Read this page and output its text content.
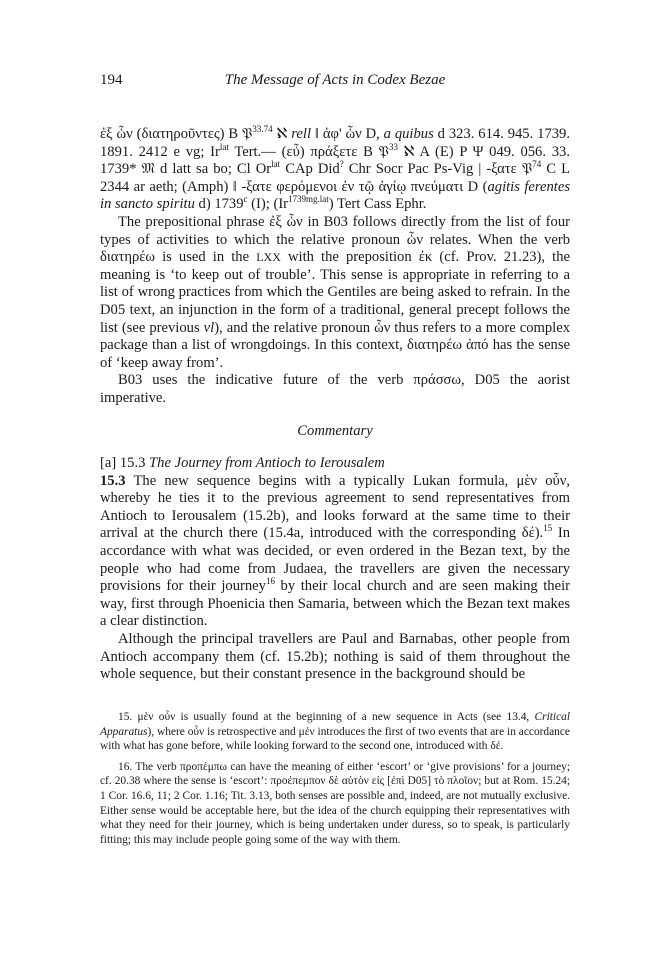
194	The Message of Acts in Codex Bezae

ἐξ ὧν (διατηροῦντες) B 𝔓$^{33.74}$ ℵ rell ‖ ἀφ' ὧν D, a quibus d 323. 614. 945. 1739. 1891. 2412 e vg; $Ir^{lat}$ Tert.— (εὖ) πράξετε B 𝔓$^{33}$ ℵ A (E) P Ψ 049. 056. 33. 1739* 𝔐 d latt sa bo; Cl $Or^{lat}$ CAp Did? Chr Socr Pac Ps-Vig | -ξατε 𝔓$^{74}$ C L 2344 ar aeth; (Amph) ‖ -ξατε φερόμενοι ἐν τῷ ἁγίῳ πνεύματι D (agitis ferentes in sancto spiritu d) 1739$^c$ (I); $(Ir^{1739mg.lat})$ Tert Cass Ephr.

The prepositional phrase ἐξ ὧν in B03 follows directly from the list of four types of activities to which the relative pronoun ὧν relates. When the verb διατηρέω is used in the LXX with the preposition ἐκ (cf. Prov. 21.23), the meaning is ‘to keep out of trouble’. This sense is appropriate in referring to a list of wrong practices from which the Gentiles are being asked to refrain. In the D05 text, an injunction in the form of a traditional, general precept follows the list (see previous vl), and the relative pronoun ὧν thus refers to a more complex package than a list of wrongdoings. In this context, διατηρέω ἀπό has the sense of ‘keep away from’.

B03 uses the indicative future of the verb πράσσω, D05 the aorist imperative.

Commentary

[a] 15.3 The Journey from Antioch to Ierousalem

15.3 The new sequence begins with a typically Lukan formula, μὲν οὖν, whereby he ties it to the previous agreement to send representatives from Antioch to Ierousalem (15.2b), and looks forward at the same time to their arrival at the church there (15.4a, introduced with the corresponding δέ).$^{15}$ In accordance with what was decided, or even ordered in the Bezan text, by the people who had come from Judaea, the travellers are given the necessary provisions for their journey$^{16}$ by their local church and are seen making their way, first through Phoenicia then Samaria, between which the Bezan text makes a clear distinction.

Although the principal travellers are Paul and Barnabas, other people from Antioch accompany them (cf. 15.2b); nothing is said of them throughout the whole sequence, but their constant presence in the background should be

15. μὲν οὖν is usually found at the beginning of a new sequence in Acts (see 13.4, Critical Apparatus), where οὖν is retrospective and μέν introduces the first of two events that are in accordance with what has gone before, while looking forward to the second one, introduced with δέ.

16. The verb προπέμπω can have the meaning of either ‘escort’ or ‘give provisions’ for a journey; cf. 20.38 where the sense is ‘escort’: προέπεμπον δὲ αὐτὸν εἰς [ἐπὶ D05] τὸ πλοῖον; but at Rom. 15.24; 1 Cor. 16.6, 11; 2 Cor. 1.16; Tit. 3.13, both senses are possible and, indeed, are not mutually exclusive. Either sense would be acceptable here, but the idea of the church equipping their representatives with what they need for their journey, which is being undertaken under duress, so to speak, is particularly fitting; this may include people going some of the way with them.
